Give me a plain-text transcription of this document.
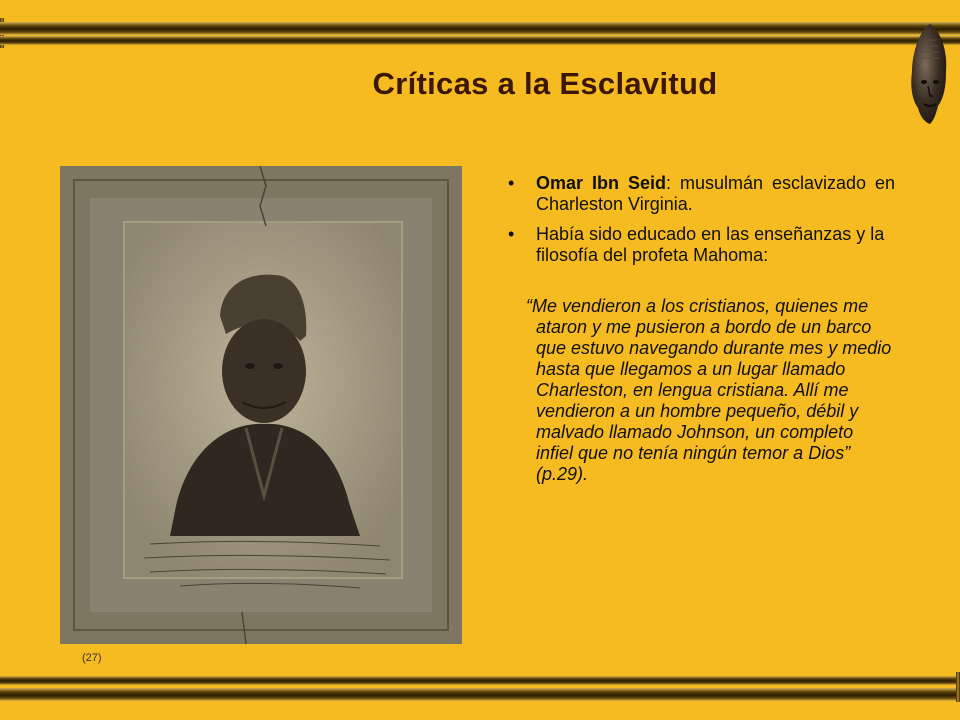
Críticas a la Esclavitud
(27)
• Omar Ibn Seid: musulmán esclavizado en Charleston Virginia.
• Había sido educado en las enseñanzas y la filosofía del profeta Mahoma:
“Me vendieron a los cristianos, quienes me ataron y me pusieron a bordo de un barco que estuvo navegando durante mes y medio hasta que llegamos a un lugar llamado Charleston, en lengua cristiana. Allí me vendieron a un hombre pequeño, débil y malvado llamado Johnson, un completo infiel que no tenía ningún temor a Dios” (p.29).
